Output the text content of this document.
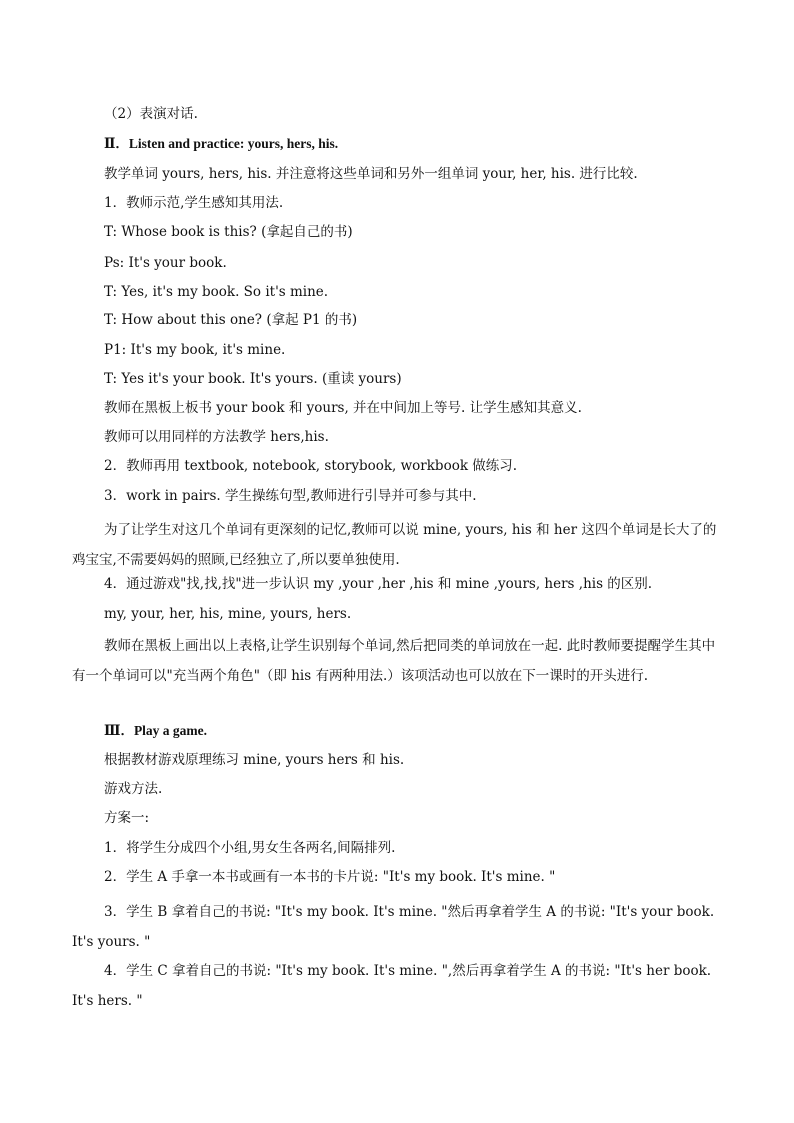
（2）表演对话.
Ⅱ．Listen and practice: yours, hers, his.
教学单词 yours, hers, his. 并注意将这些单词和另外一组单词 your, her, his. 进行比较.
1．教师示范,学生感知其用法.
T: Whose book is this? (拿起自己的书)
Ps: It's your book.
T: Yes, it's my book. So it's mine.
T: How about this one? (拿起 P1 的书)
P1: It's my book, it's mine.
T: Yes it's your book. It's yours. (重读 yours)
教师在黑板上板书 your book 和 yours, 并在中间加上等号. 让学生感知其意义.
教师可以用同样的方法教学 hers,his.
2．教师再用 textbook, notebook, storybook, workbook 做练习.
3．work in pairs. 学生操练句型,教师进行引导并可参与其中.
为了让学生对这几个单词有更深刻的记忆,教师可以说 mine, yours, his 和 her 这四个单词是长大了的鸡宝宝,不需要妈妈的照顾,已经独立了,所以要单独使用.
4．通过游戏"找,找,找"进一步认识 my ,your ,her ,his 和 mine ,yours, hers ,his 的区别.
my, your, her, his, mine, yours, hers.
教师在黑板上画出以上表格,让学生识别每个单词,然后把同类的单词放在一起. 此时教师要提醒学生其中有一个单词可以"充当两个角色"（即 his 有两种用法.）该项活动也可以放在下一课时的开头进行.
Ⅲ．Play a game.
根据教材游戏原理练习 mine, yours hers 和 his.
游戏方法.
方案一:
1．将学生分成四个小组,男女生各两名,间隔排列.
2．学生 A 手拿一本书或画有一本书的卡片说: "It's my book. It's mine. "
3．学生 B 拿着自己的书说: "It's my book. It's mine. "然后再拿着学生 A 的书说: "It's your book. It's yours. "
4．学生 C 拿着自己的书说: "It's my book. It's mine. ",然后再拿着学生 A 的书说: "It's her book. It's hers. "
